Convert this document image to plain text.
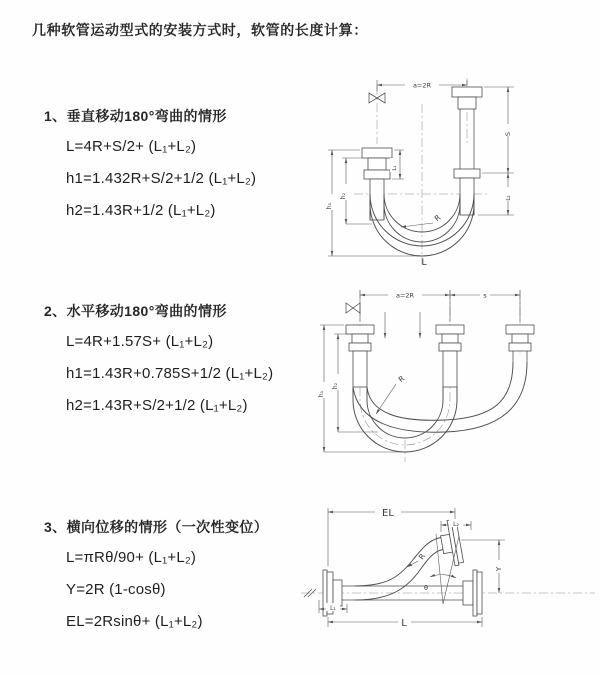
几种软管运动型式的安装方式时，软管的长度计算：
1、垂直移动180°弯曲的情形
L=4R+S/2+ (L₁+L₂)
h1=1.432R+S/2+1/2 (L₁+L₂)
h2=1.43R+1/2 (L₁+L₂)
2、水平移动180°弯曲的情形
L=4R+1.57S+ (L₁+L₂)
h1=1.43R+0.785S+1/2 (L₁+L₂)
h2=1.43R+S/2+1/2 (L₁+L₂)
3、横向位移的情形（一次性变位）
L=πRθ/90+ (L₁+L₂)
Y=2R (1-cosθ)
EL=2Rsinθ+ (L₁+L₂)
a=2R
S
L₂
L₁
h₁
h₂
R
L
a=2R	s
h₁
h₂
R
EL
L₂
Y
θ
R
L₁
L
